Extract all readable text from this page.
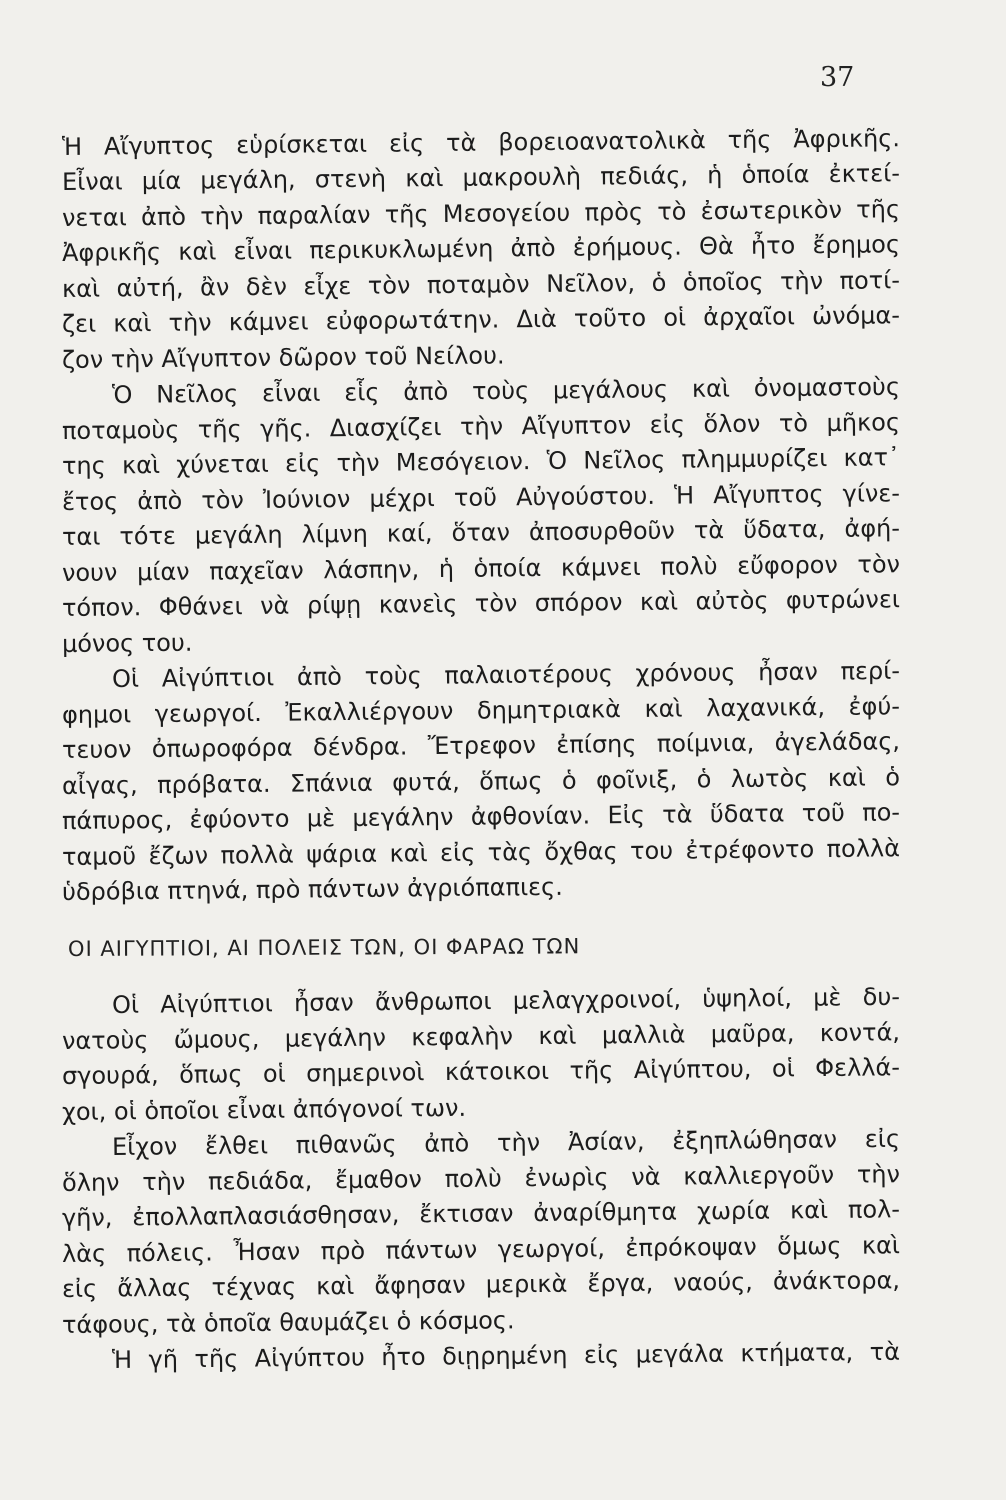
37
Ἡ Αἴγυπτος εὑρίσκεται εἰς τὰ βορειοανατολικὰ τῆς Ἀφρικῆς.
Εἶναι μία μεγάλη, στενὴ καὶ μακρουλὴ πεδιάς, ἡ ὁποία ἐκτεί-
νεται ἀπὸ τὴν παραλίαν τῆς Μεσογείου πρὸς τὸ ἐσωτερικὸν τῆς
Ἀφρικῆς καὶ εἶναι περικυκλωμένη ἀπὸ ἐρήμους. Θὰ ἦτο ἔρημος
καὶ αὐτή, ἂν δὲν εἶχε τὸν ποταμὸν Νεῖλον, ὁ ὁποῖος τὴν ποτί-
ζει καὶ τὴν κάμνει εὐφορωτάτην. Διὰ τοῦτο οἱ ἀρχαῖοι ὠνόμα-
ζον τὴν Αἴγυπτον δῶρον τοῦ Νείλου.
Ὁ Νεῖλος εἶναι εἷς ἀπὸ τοὺς μεγάλους καὶ ὀνομαστοὺς
ποταμοὺς τῆς γῆς. Διασχίζει τὴν Αἴγυπτον εἰς ὅλον τὸ μῆκος
της καὶ χύνεται εἰς τὴν Μεσόγειον. Ὁ Νεῖλος πλημμυρίζει κατ᾽
ἔτος ἀπὸ τὸν Ἰούνιον μέχρι τοῦ Αὐγούστου. Ἡ Αἴγυπτος γίνε-
ται τότε μεγάλη λίμνη καί, ὅταν ἀποσυρθοῦν τὰ ὕδατα, ἀφή-
νουν μίαν παχεῖαν λάσπην, ἡ ὁποία κάμνει πολὺ εὔφορον τὸν
τόπον. Φθάνει νὰ ρίψῃ κανεὶς τὸν σπόρον καὶ αὐτὸς φυτρώνει
μόνος του.
Οἱ Αἰγύπτιοι ἀπὸ τοὺς παλαιοτέρους χρόνους ἦσαν περί-
φημοι γεωργοί. Ἐκαλλιέργουν δημητριακὰ καὶ λαχανικά, ἐφύ-
τευον ὀπωροφόρα δένδρα. Ἔτρεφον ἐπίσης ποίμνια, ἀγελάδας,
αἶγας, πρόβατα. Σπάνια φυτά, ὅπως ὁ φοῖνιξ, ὁ λωτὸς καὶ ὁ
πάπυρος, ἐφύοντο μὲ μεγάλην ἀφθονίαν. Εἰς τὰ ὕδατα τοῦ πο-
ταμοῦ ἔζων πολλὰ ψάρια καὶ εἰς τὰς ὄχθας του ἐτρέφοντο πολλὰ
ὑδρόβια πτηνά, πρὸ πάντων ἀγριόπαπιες.
ΟΙ ΑΙΓΥΠΤΙΟΙ, ΑΙ ΠΟΛΕΙΣ ΤΩΝ, ΟΙ ΦΑΡΑΩ ΤΩΝ
Οἱ Αἰγύπτιοι ἦσαν ἄνθρωποι μελαγχροινοί, ὑψηλοί, μὲ δυ-
νατοὺς ὤμους, μεγάλην κεφαλὴν καὶ μαλλιὰ μαῦρα, κοντά,
σγουρά, ὅπως οἱ σημερινοὶ κάτοικοι τῆς Αἰγύπτου, οἱ Φελλά-
χοι, οἱ ὁποῖοι εἶναι ἀπόγονοί των.
Εἶχον ἔλθει πιθανῶς ἀπὸ τὴν Ἀσίαν, ἐξηπλώθησαν εἰς
ὅλην τὴν πεδιάδα, ἔμαθον πολὺ ἐνωρὶς νὰ καλλιεργοῦν τὴν
γῆν, ἐπολλαπλασιάσθησαν, ἔκτισαν ἀναρίθμητα χωρία καὶ πολ-
λὰς πόλεις. Ἦσαν πρὸ πάντων γεωργοί, ἐπρόκοψαν ὅμως καὶ
εἰς ἄλλας τέχνας καὶ ἄφησαν μερικὰ ἔργα, ναούς, ἀνάκτορα,
τάφους, τὰ ὁποῖα θαυμάζει ὁ κόσμος.
Ἡ γῆ τῆς Αἰγύπτου ἦτο διῃρημένη εἰς μεγάλα κτήματα, τὰ
